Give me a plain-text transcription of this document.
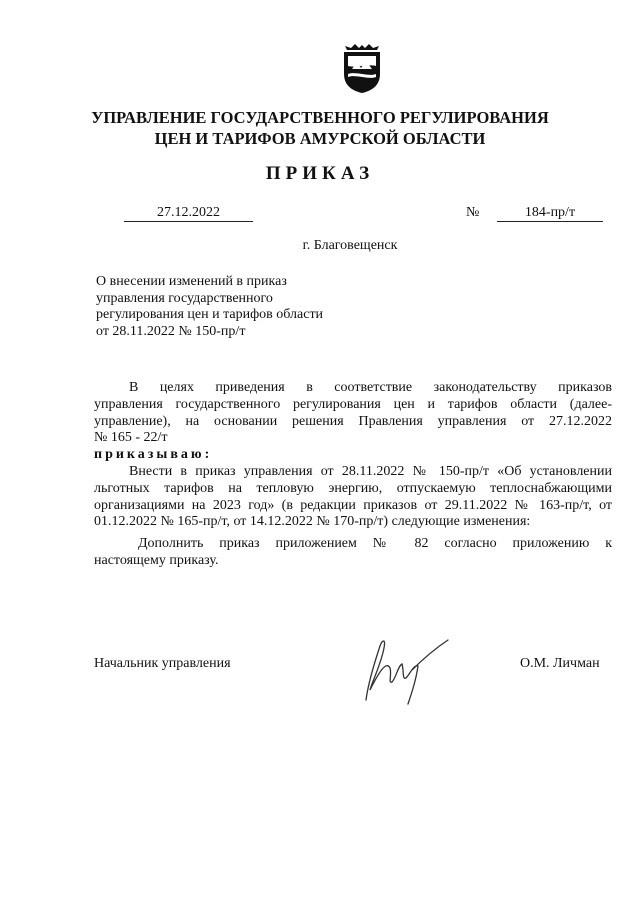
УПРАВЛЕНИЕ ГОСУДАРСТВЕННОГО РЕГУЛИРОВАНИЯ
ЦЕН И ТАРИФОВ АМУРСКОЙ ОБЛАСТИ
ПРИКАЗ
27.12.2022	№	184-пр/т
г. Благовещенск
О внесении изменений в приказ
управления государственного
регулирования цен и тарифов области
от 28.11.2022 № 150-пр/т
В целях приведения в соответствие законодательству приказов
управления государственного регулирования цен и тарифов области (далее-
управление), на основании решения Правления управления от 27.12.2022
№ 165 - 22/т
приказываю:
Внести в приказ управления от 28.11.2022 № 150-пр/т «Об установлении
льготных тарифов на тепловую энергию, отпускаемую теплоснабжающими
организациями на 2023 год» (в редакции приказов от 29.11.2022 № 163-пр/т, от
01.12.2022 № 165-пр/т, от 14.12.2022 № 170-пр/т) следующие изменения:
Дополнить приказ приложением № 82 согласно приложению к
настоящему приказу.
Начальник управления	О.М. Личман
